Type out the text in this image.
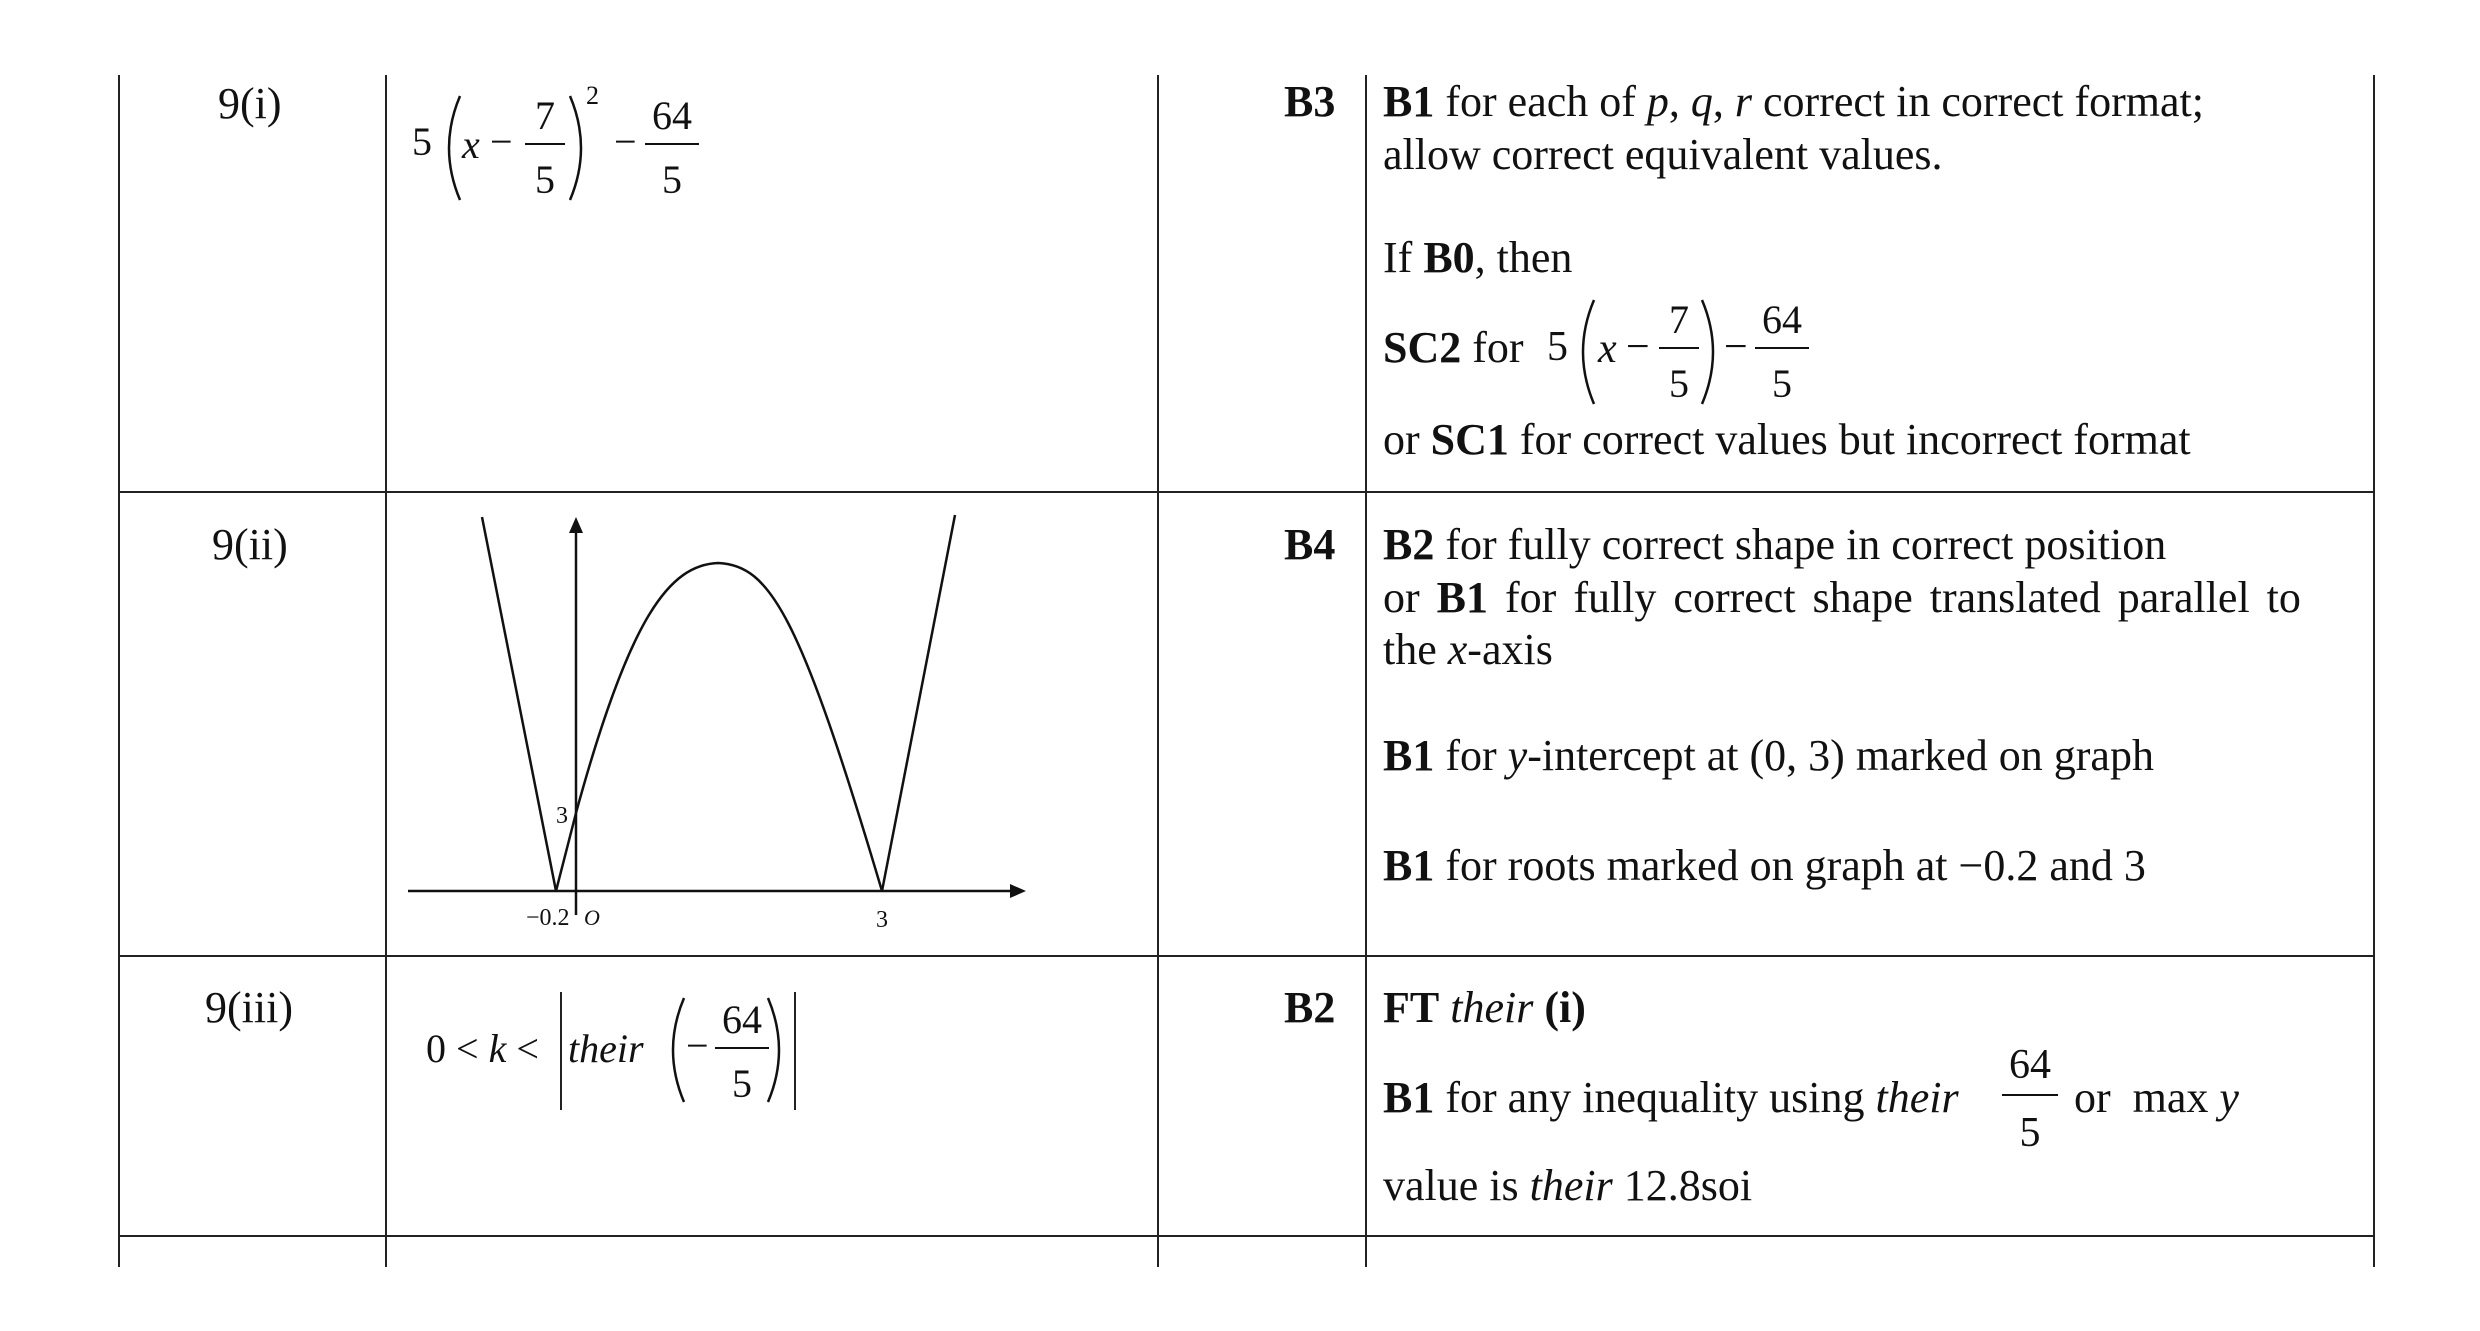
9(i)
5 x −
7
5
2
−
64
5
B3 B1 for each of p, q, r correct in correct format;
allow correct equivalent values.
If B0, then
SC2 for 5 x −
7
5
−
64
5
or SC1 for correct values but incorrect format
9(ii)
3
−0.2 O	3
B4 B2 for fully correct shape in correct position
or B1 for fully correct shape translated parallel to
the x-axis
B1 for y-intercept at (0, 3) marked on graph
B1 for roots marked on graph at −0.2 and 3
9(iii)
0 < k < their −
64
5
B2 FT their (i)
B1 for any inequality using their
64
5
or  max y
value is their 12.8soi
